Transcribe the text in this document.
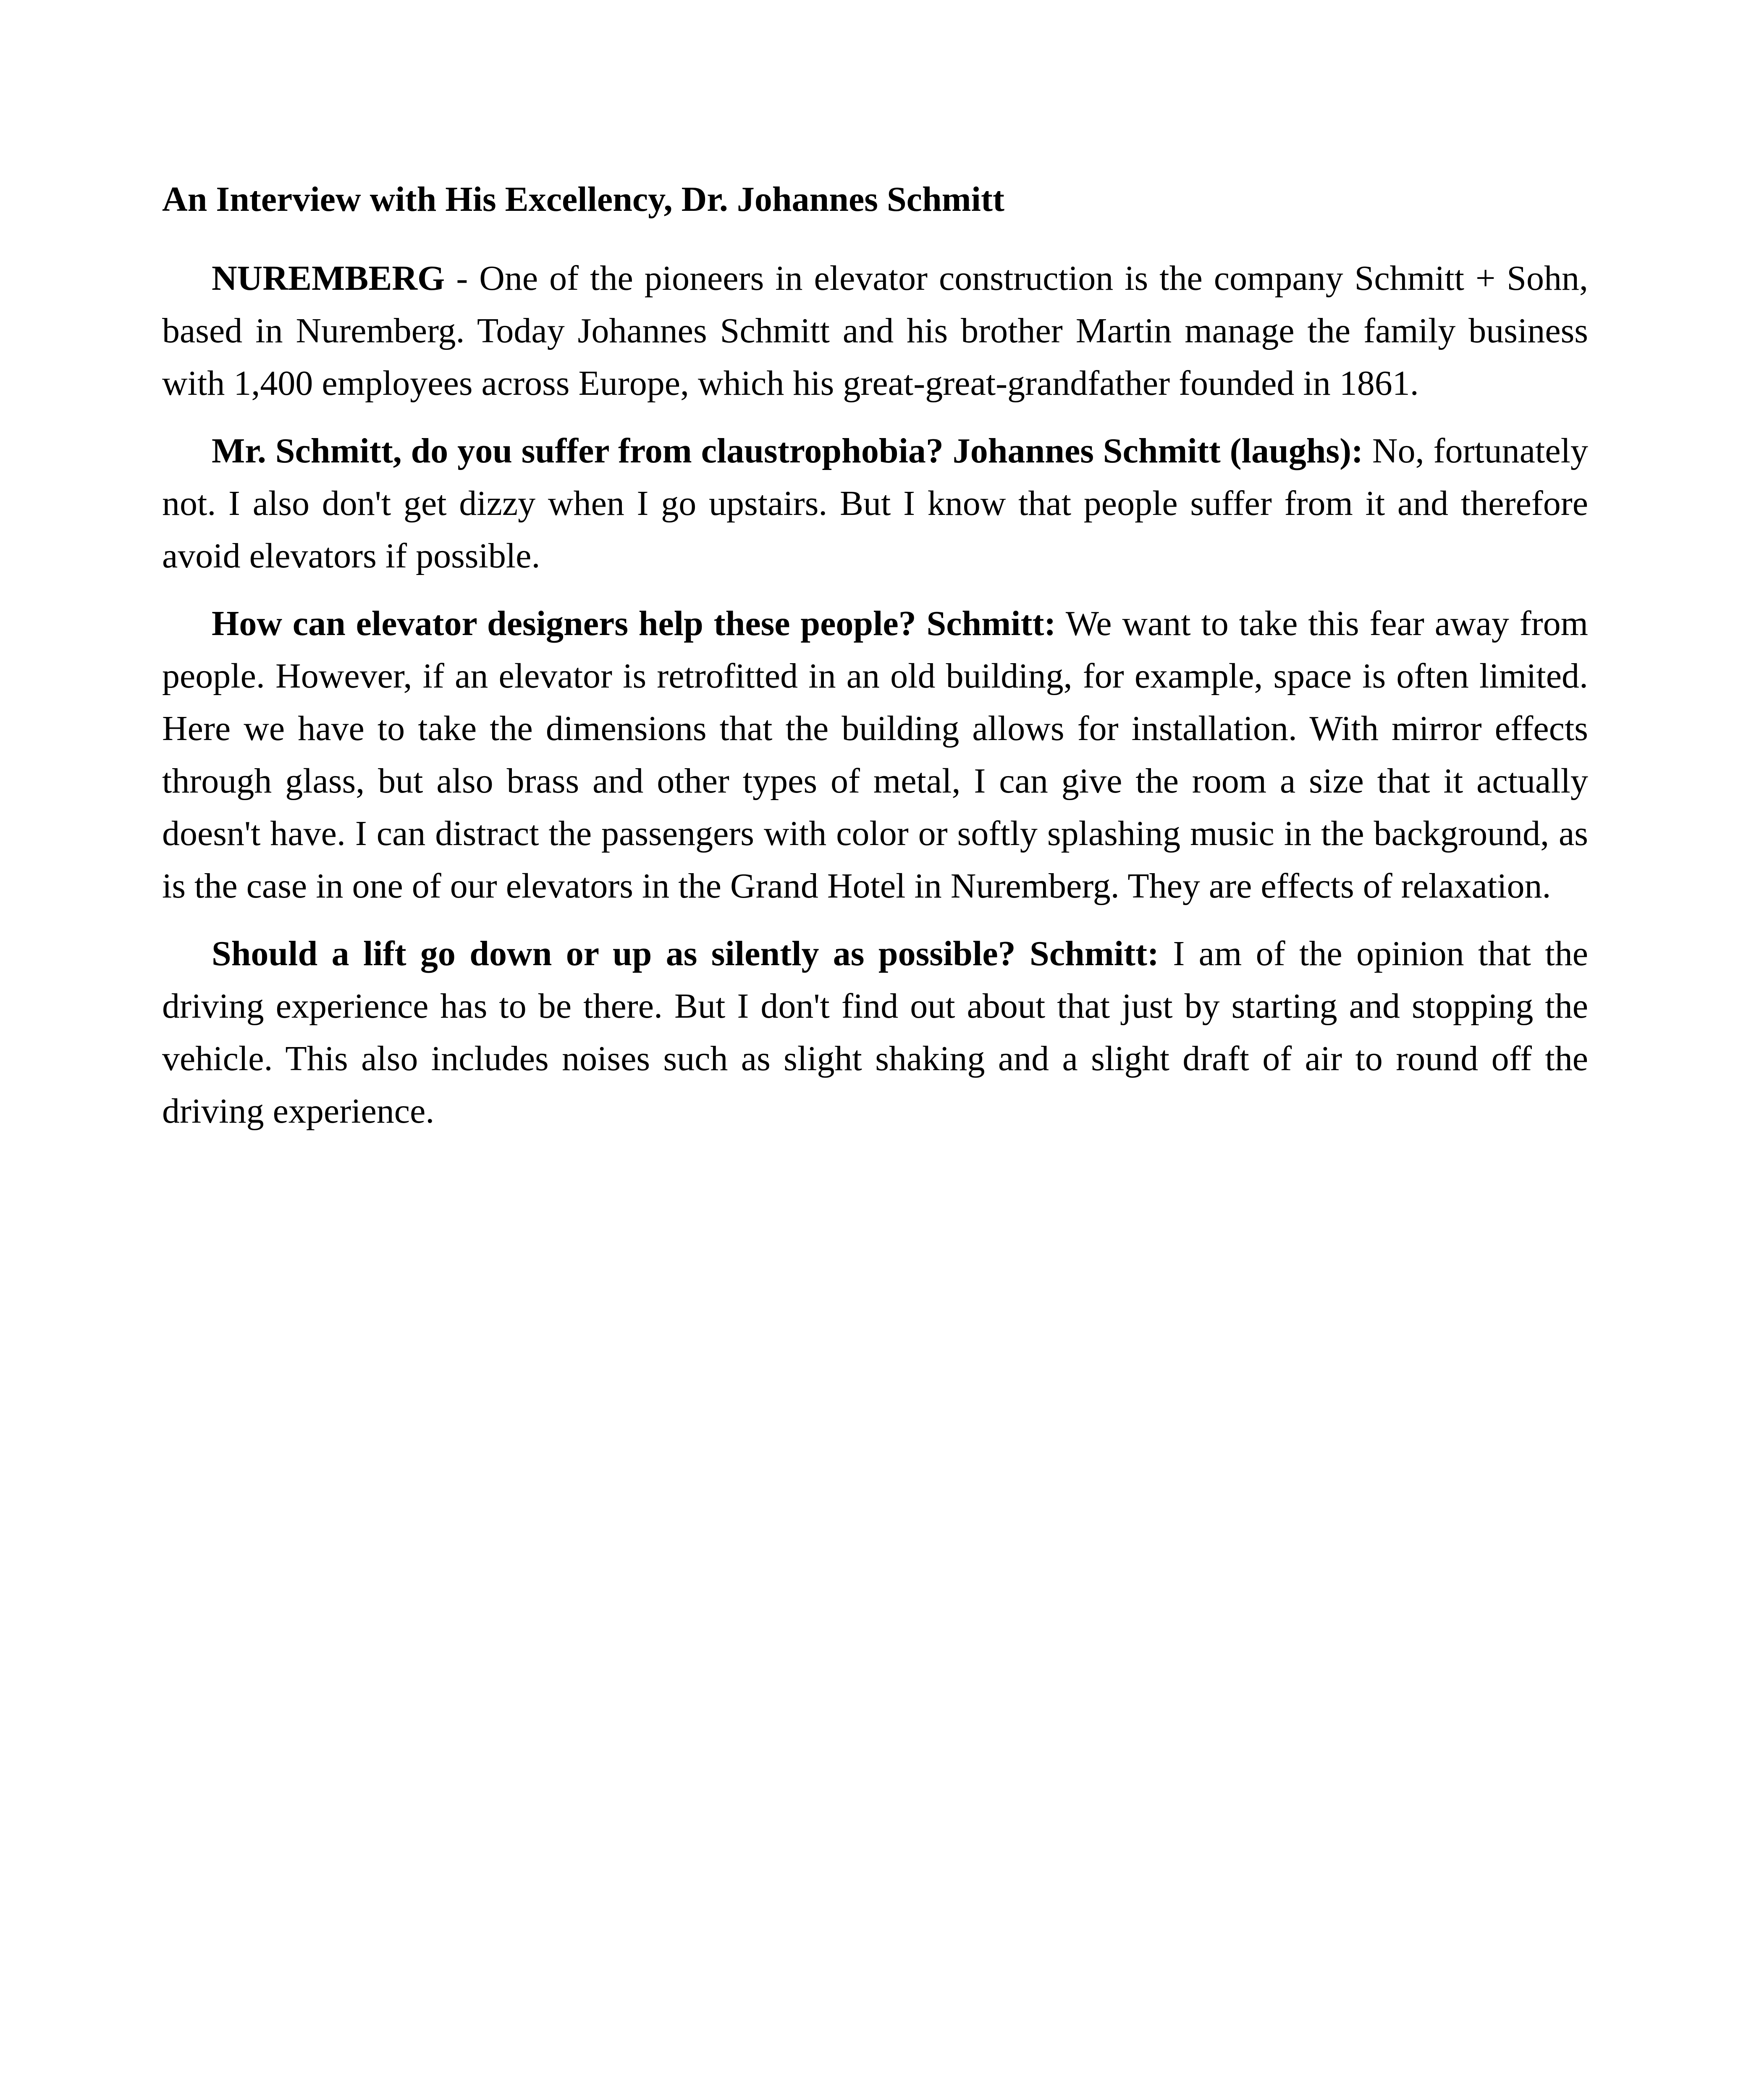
An Interview with His Excellency, Dr. Johannes Schmitt

NUREMBERG - One of the pioneers in elevator construction is the company Schmitt + Sohn, based in Nuremberg. Today Johannes Schmitt and his brother Martin manage the family business with 1,400 employees across Europe, which his great-great-grandfather founded in 1861.

Mr. Schmitt, do you suffer from claustrophobia? Johannes Schmitt (laughs): No, fortunately not. I also don't get dizzy when I go upstairs. But I know that people suffer from it and therefore avoid elevators if possible.

How can elevator designers help these people? Schmitt: We want to take this fear away from people. However, if an elevator is retrofitted in an old building, for example, space is often limited. Here we have to take the dimensions that the building allows for installation. With mirror effects through glass, but also brass and other types of metal, I can give the room a size that it actually doesn't have. I can distract the passengers with color or softly splashing music in the background, as is the case in one of our elevators in the Grand Hotel in Nuremberg. They are effects of relaxation.

Should a lift go down or up as silently as possible? Schmitt: I am of the opinion that the driving experience has to be there. But I don't find out about that just by starting and stopping the vehicle. This also includes noises such as slight shaking and a slight draft of air to round off the driving experience.
